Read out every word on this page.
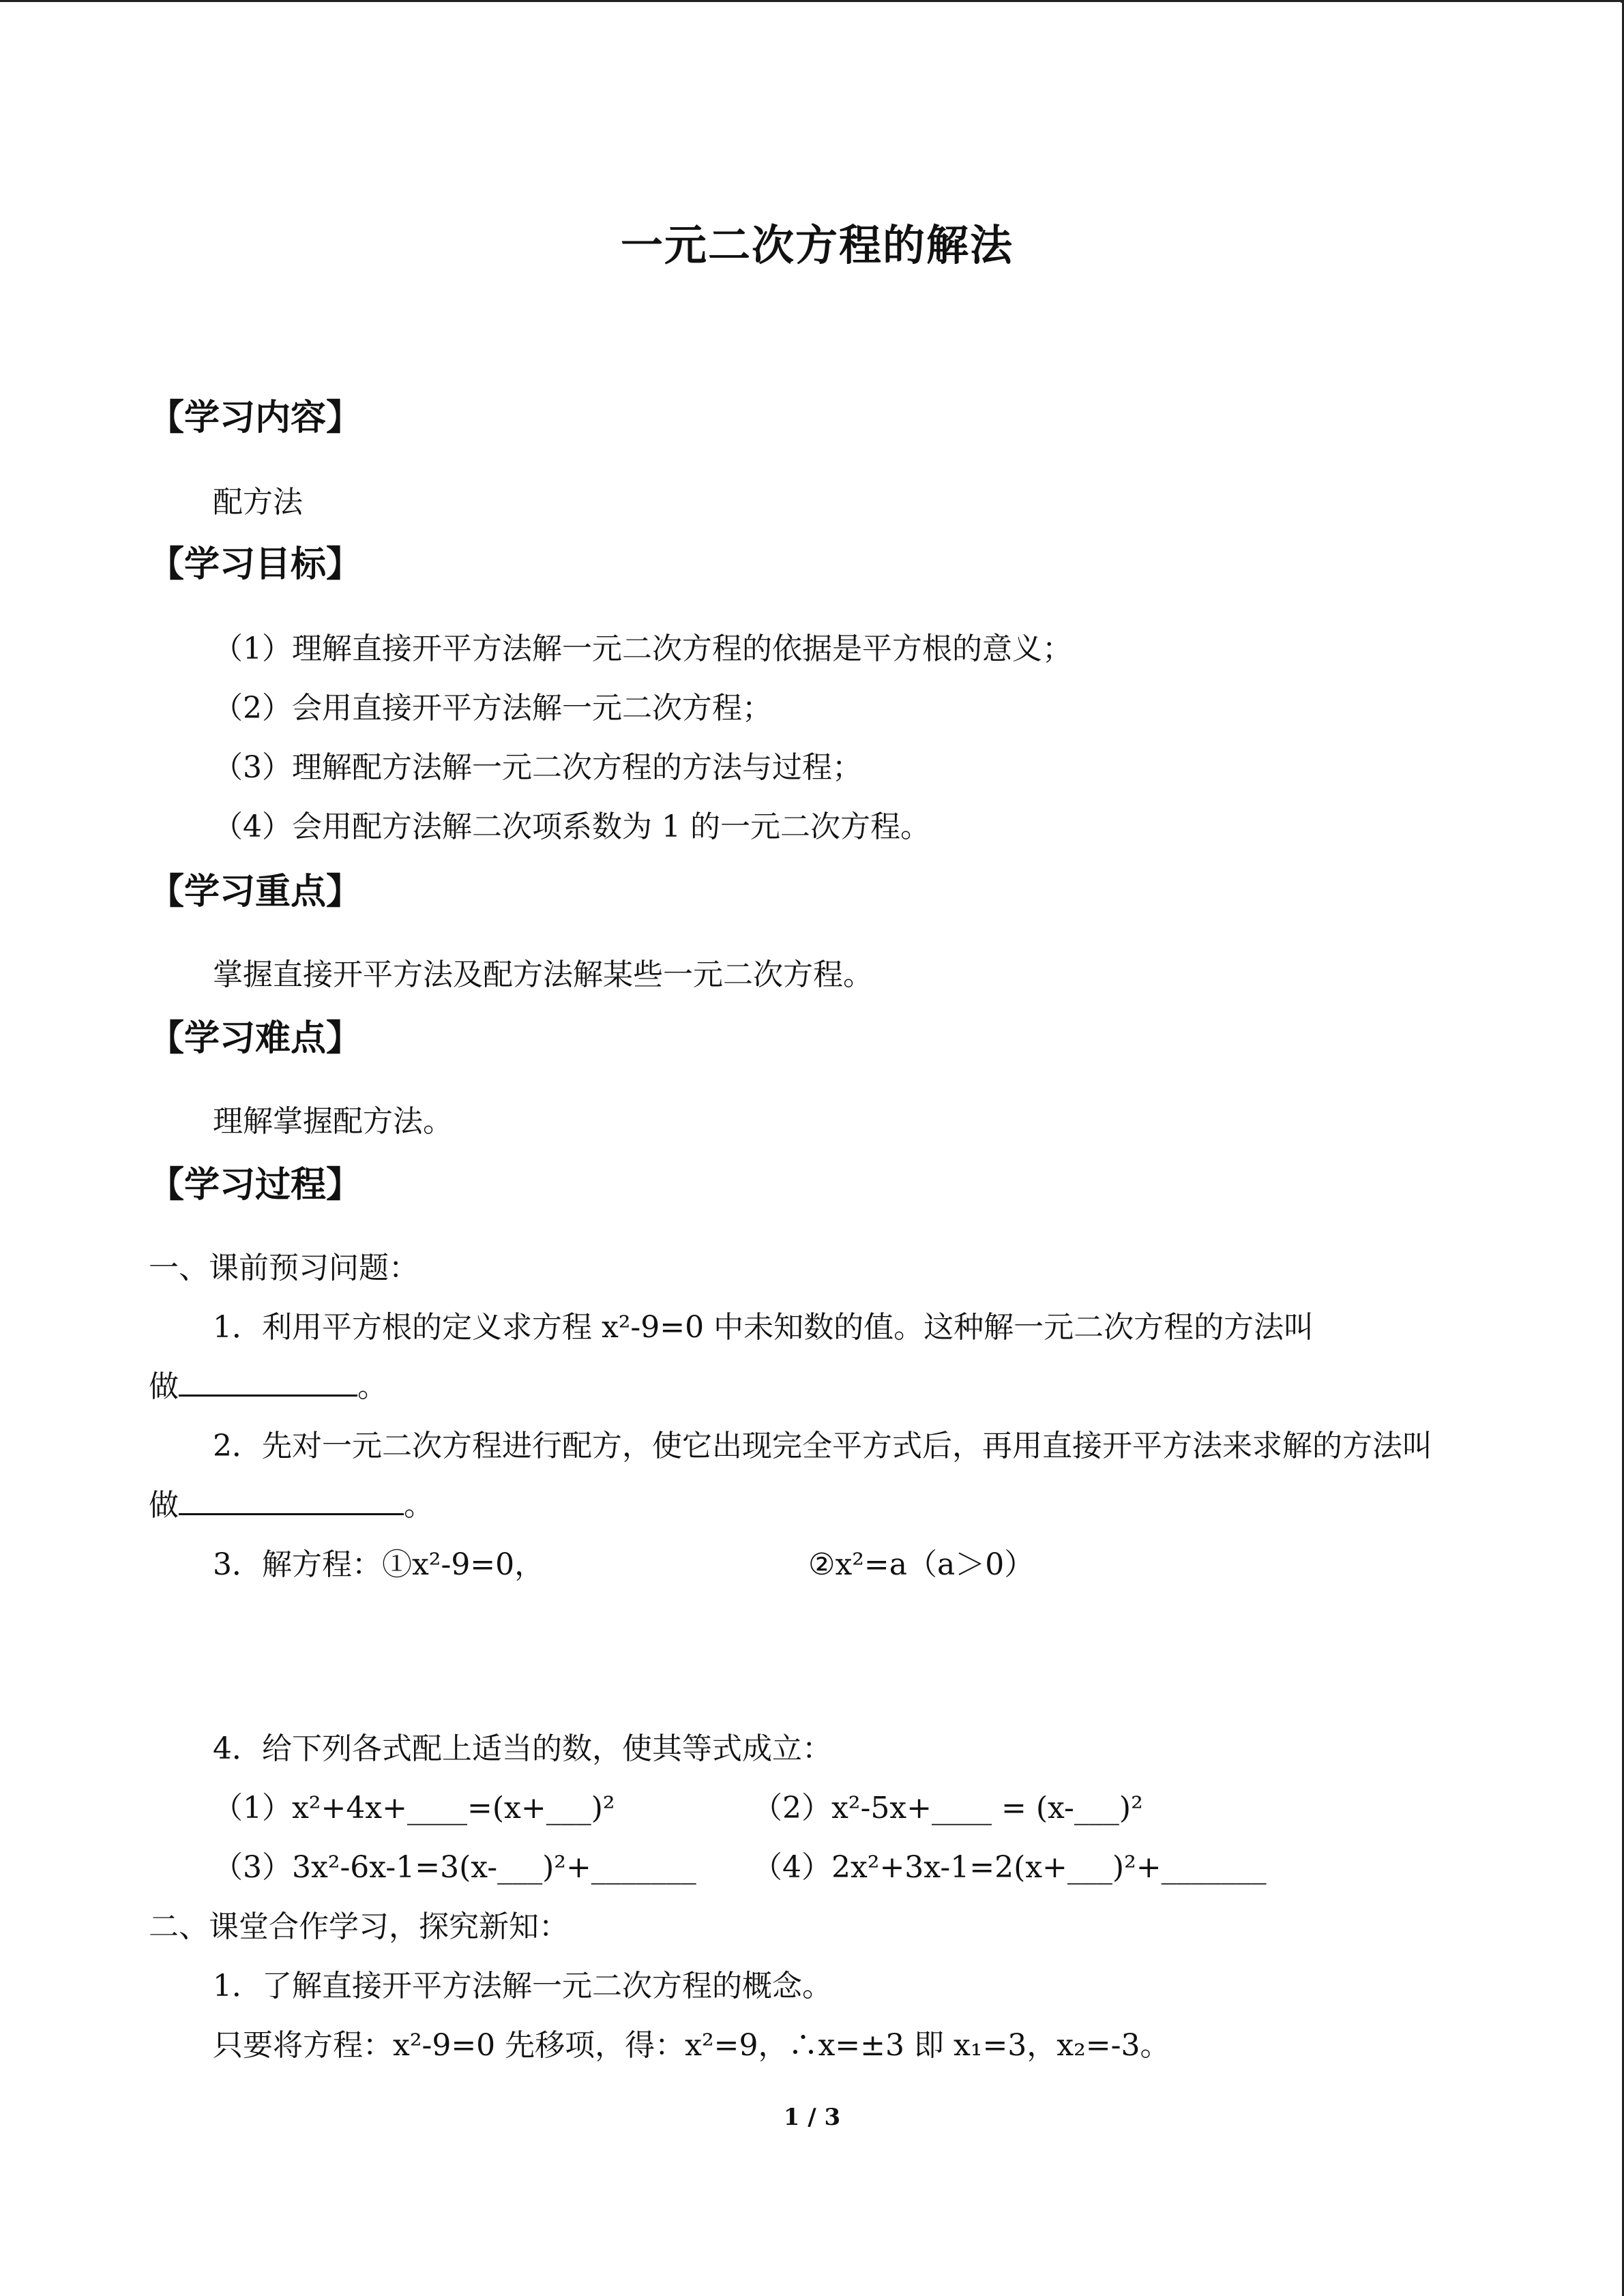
一元二次方程的解法
【学习内容】
配方法
【学习目标】
（1）理解直接开平方法解一元二次方程的依据是平方根的意义；
（2）会用直接开平方法解一元二次方程；
（3）理解配方法解一元二次方程的方法与过程；
（4）会用配方法解二次项系数为 1 的一元二次方程。
【学习重点】
掌握直接开平方法及配方法解某些一元二次方程。
【学习难点】
理解掌握配方法。
【学习过程】
一、课前预习问题：
1．利用平方根的定义求方程 x²-9=0 中未知数的值。这种解一元二次方程的方法叫
做	。
2．先对一元二次方程进行配方，使它出现完全平方式后，再用直接开平方法来求解的方法叫
做	。
3．解方程：①x²-9=0，	②x²=a（a＞0）
4．给下列各式配上适当的数，使其等式成立：
（1）x²+4x+____=(x+___)²	（2）x²-5x+____ = (x-___)²
（3）3x²-6x-1=3(x-___)²+_______ （4）2x²+3x-1=2(x+___)²+_______
二、课堂合作学习，探究新知：
1．了解直接开平方法解一元二次方程的概念。
只要将方程：x²-9=0 先移项，得：x²=9，∴x=±3 即 x₁=3，x₂=-3。
1 / 3
